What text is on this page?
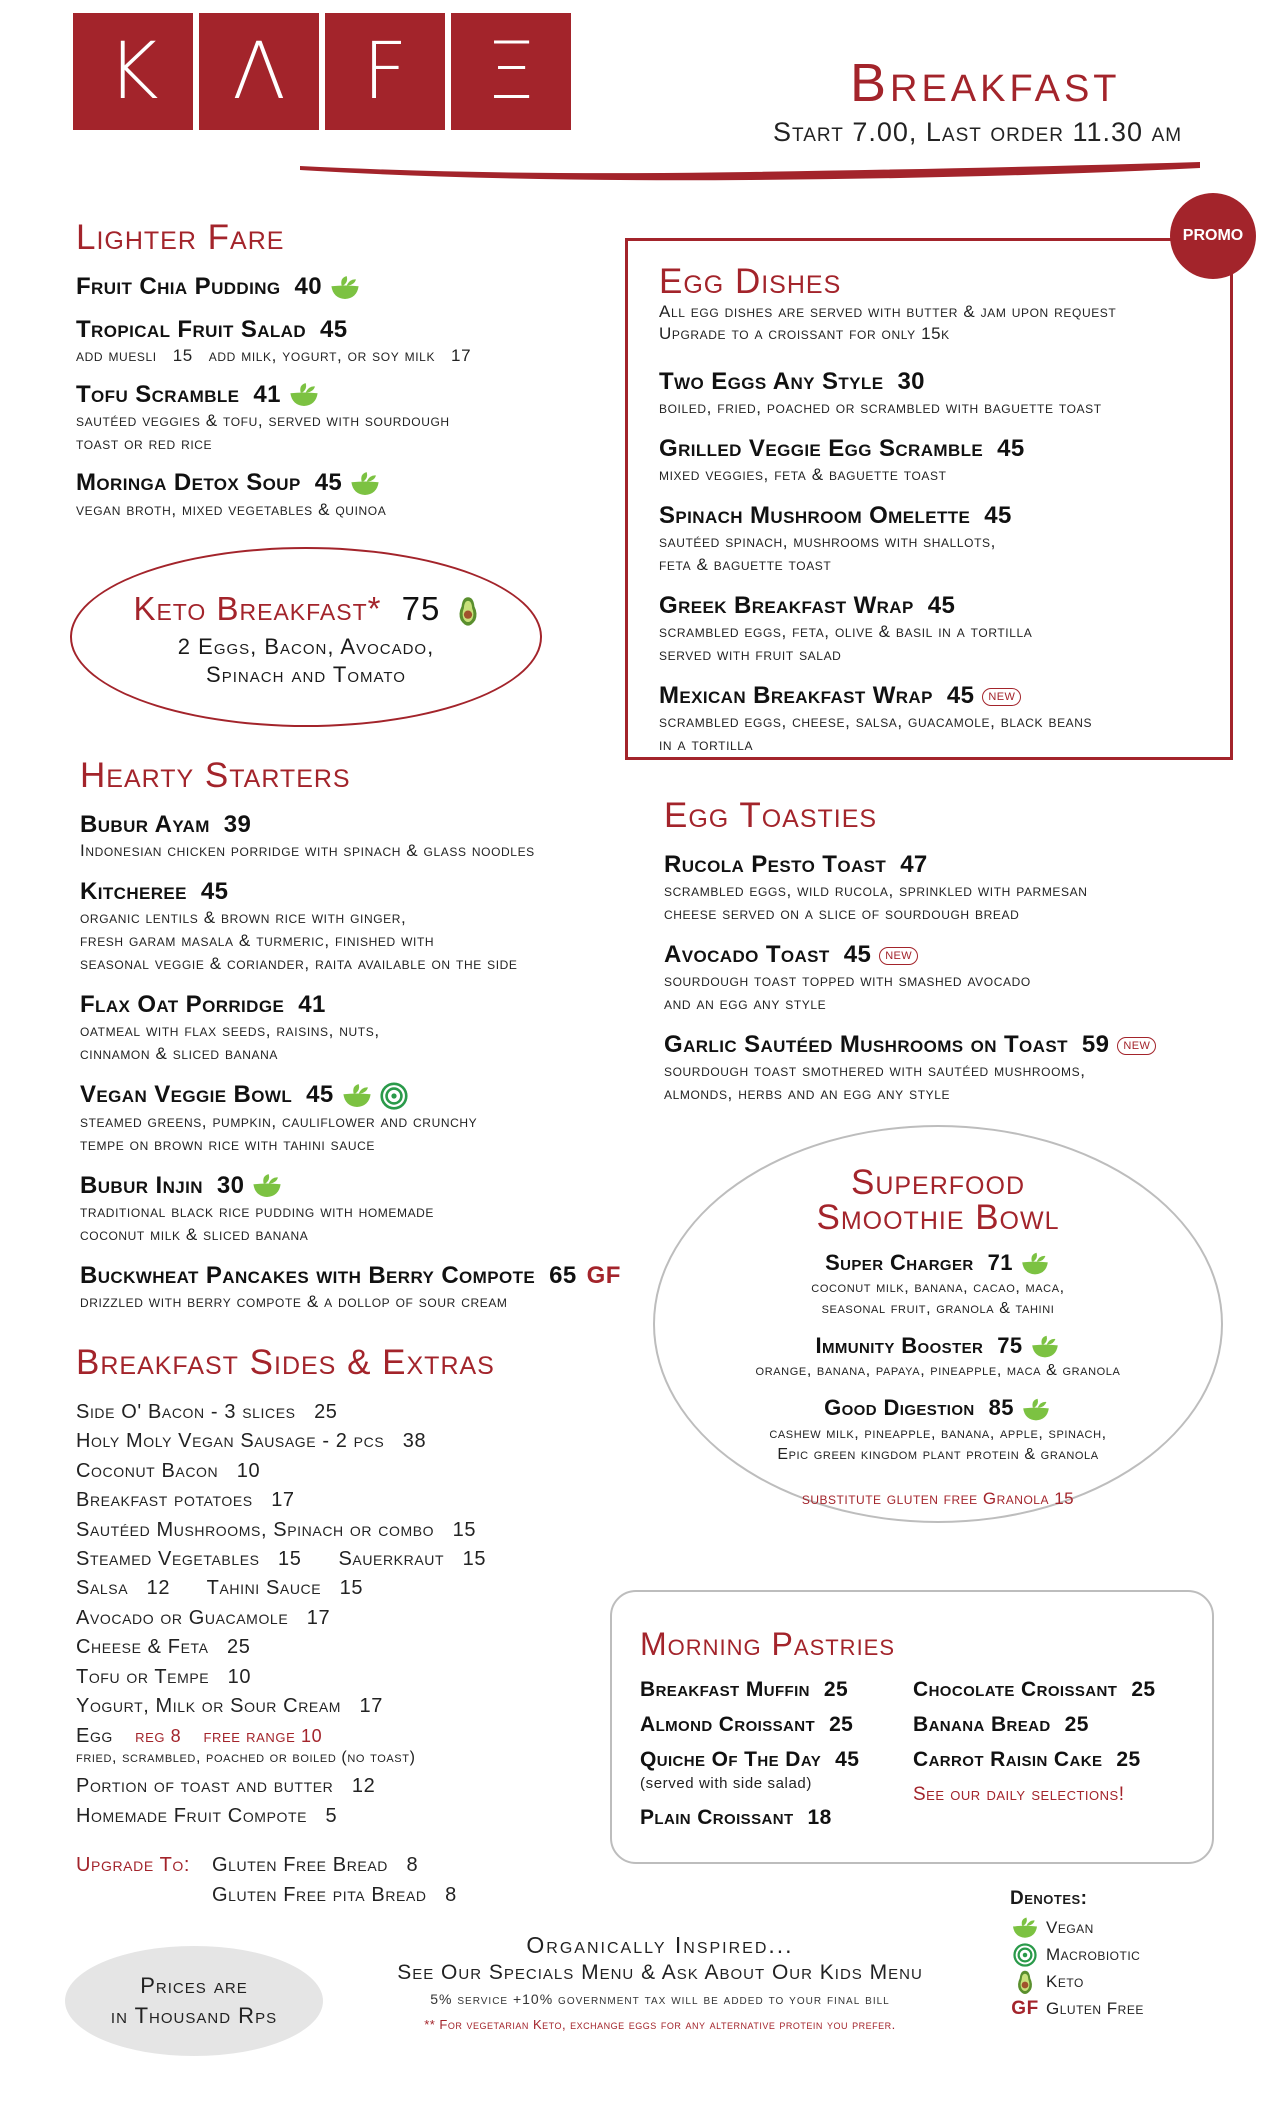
K Λ F	Ξ	Breakfast
Start 7.00, Last order 11.30 am
Lighter Fare
Fruit Chia Pudding 40
Tropical Fruit Salad 45
add muesli   15   add milk, yogurt, or soy milk   17
Tofu Scramble 41
sautéed veggies & tofu, served with sourdough
toast or red rice
Moringa Detox Soup 45
vegan broth, mixed vegetables & quinoa
Keto Breakfast* 75
2 Eggs, Bacon, Avocado,
Spinach and Tomato
PROMO
Egg Dishes
All egg dishes are served with butter & jam upon request
Upgrade to a croissant for only 15k
Two Eggs Any Style 30
boiled, fried, poached or scrambled with baguette toast
Grilled Veggie Egg Scramble 45
mixed veggies, feta & baguette toast
Spinach Mushroom Omelette 45
sautéed spinach, mushrooms with shallots,
feta & baguette toast
Greek Breakfast Wrap 45
scrambled eggs, feta, olive & basil in a tortilla
served with fruit salad
Mexican Breakfast Wrap 45 NEW
scrambled eggs, cheese, salsa, guacamole, black beans
in a tortilla
Hearty Starters
Bubur Ayam 39
Indonesian chicken porridge with spinach & glass noodles
Kitcheree 45
organic lentils & brown rice with ginger,
fresh garam masala & turmeric, finished with
seasonal veggie & coriander, raita available on the side
Flax Oat Porridge 41
oatmeal with flax seeds, raisins, nuts,
cinnamon & sliced banana
Vegan Veggie Bowl 45
steamed greens, pumpkin, cauliflower and crunchy
tempe on brown rice with tahini sauce
Bubur Injin 30
traditional black rice pudding with homemade
coconut milk & sliced banana
Buckwheat Pancakes with Berry Compote 65 GF
drizzled with berry compote & a dollop of sour cream
Egg Toasties
Rucola Pesto Toast 47
scrambled eggs, wild rucola, sprinkled with parmesan
cheese served on a slice of sourdough bread
Avocado Toast 45 NEW
sourdough toast topped with smashed avocado
and an egg any style
Garlic Sautéed Mushrooms on Toast 59 NEW
sourdough toast smothered with sautéed mushrooms,
almonds, herbs and an egg any style
Superfood
Smoothie Bowl
Super Charger 71
coconut milk, banana, cacao, maca,
seasonal fruit, granola & tahini
Immunity Booster 75
orange, banana, papaya, pineapple, maca & granola
Good Digestion 85
cashew milk, pineapple, banana, apple, spinach,
Epic green kingdom plant protein & granola
substitute gluten free Granola 15
Breakfast Sides & Extras
Side O' Bacon - 3 slices   25
Holy Moly Vegan Sausage - 2 pcs   38
Coconut Bacon   10
Breakfast potatoes   17
Sautéed Mushrooms, Spinach or combo   15
Steamed Vegetables   15      Sauerkraut   15
Salsa   12      Tahini Sauce   15
Avocado or Guacamole   17
Cheese & Feta   25
Tofu or Tempe   10
Yogurt, Milk or Sour Cream   17
Egg reg 8 free range 10
fried, scrambled, poached or boiled (no toast)
Portion of toast and butter   12
Homemade Fruit Compote   5
Upgrade To:	Gluten Free Bread   8
Gluten Free pita Bread   8
Morning Pastries
Breakfast Muffin 25
Almond Croissant 25
Quiche Of The Day 45
(served with side salad)
Plain Croissant 18
Chocolate Croissant 25
Banana Bread 25
Carrot Raisin Cake 25
See our daily selections!
Denotes:
Vegan
Macrobiotic
Keto
GF Gluten Free
Prices are
in Thousand Rps
Organically Inspired...
See Our Specials Menu & Ask About Our Kids Menu
5% service +10% government tax will be added to your final bill
** For vegetarian Keto, exchange eggs for any alternative protein you prefer.
